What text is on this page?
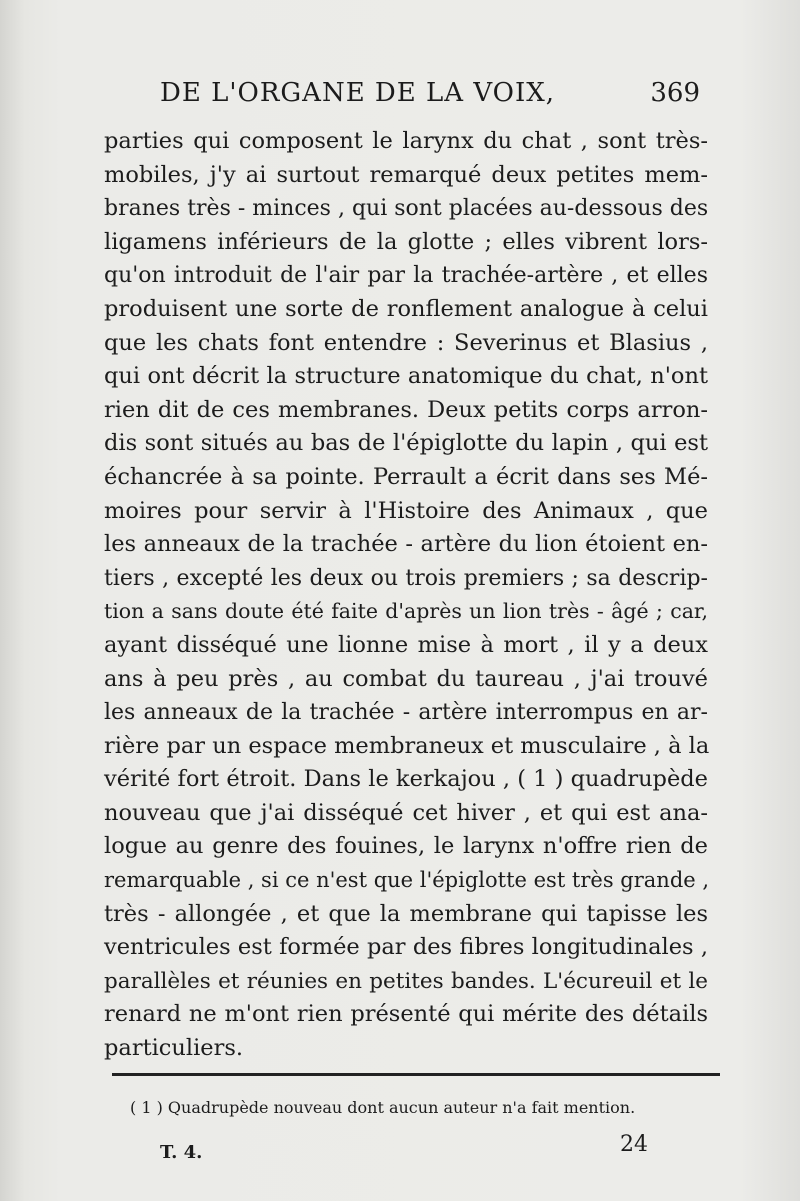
DE L'ORGANE DE LA VOIX,	369
parties qui composent le larynx du chat , sont très-
mobiles, j'y ai surtout remarqué deux petites mem-
branes très - minces , qui sont placées au-dessous des
ligamens inférieurs de la glotte ; elles vibrent lors-
qu'on introduit de l'air par la trachée-artère , et elles
produisent une sorte de ronflement analogue à celui
que les chats font entendre : Severinus et Blasius ,
qui ont décrit la structure anatomique du chat, n'ont
rien dit de ces membranes. Deux petits corps arron-
dis sont situés au bas de l'épiglotte du lapin , qui est
échancrée à sa pointe. Perrault a écrit dans ses Mé-
moires pour servir à l'Histoire des Animaux , que
les anneaux de la trachée - artère du lion étoient en-
tiers , excepté les deux ou trois premiers ; sa descrip-
tion a sans doute été faite d'après un lion très - âgé ; car,
ayant disséqué une lionne mise à mort , il y a deux
ans à peu près , au combat du taureau , j'ai trouvé
les anneaux de la trachée - artère interrompus en ar-
rière par un espace membraneux et musculaire , à la
vérité fort étroit. Dans le kerkajou , ( 1 ) quadrupède
nouveau que j'ai disséqué cet hiver , et qui est ana-
logue au genre des fouines, le larynx n'offre rien de
remarquable , si ce n'est que l'épiglotte est très grande ,
très - allongée , et que la membrane qui tapisse les
ventricules est formée par des fibres longitudinales ,
parallèles et réunies en petites bandes. L'écureuil et le
renard ne m'ont rien présenté qui mérite des détails
particuliers.
( 1 ) Quadrupède nouveau dont aucun auteur n'a fait mention.
T. 4.	24
